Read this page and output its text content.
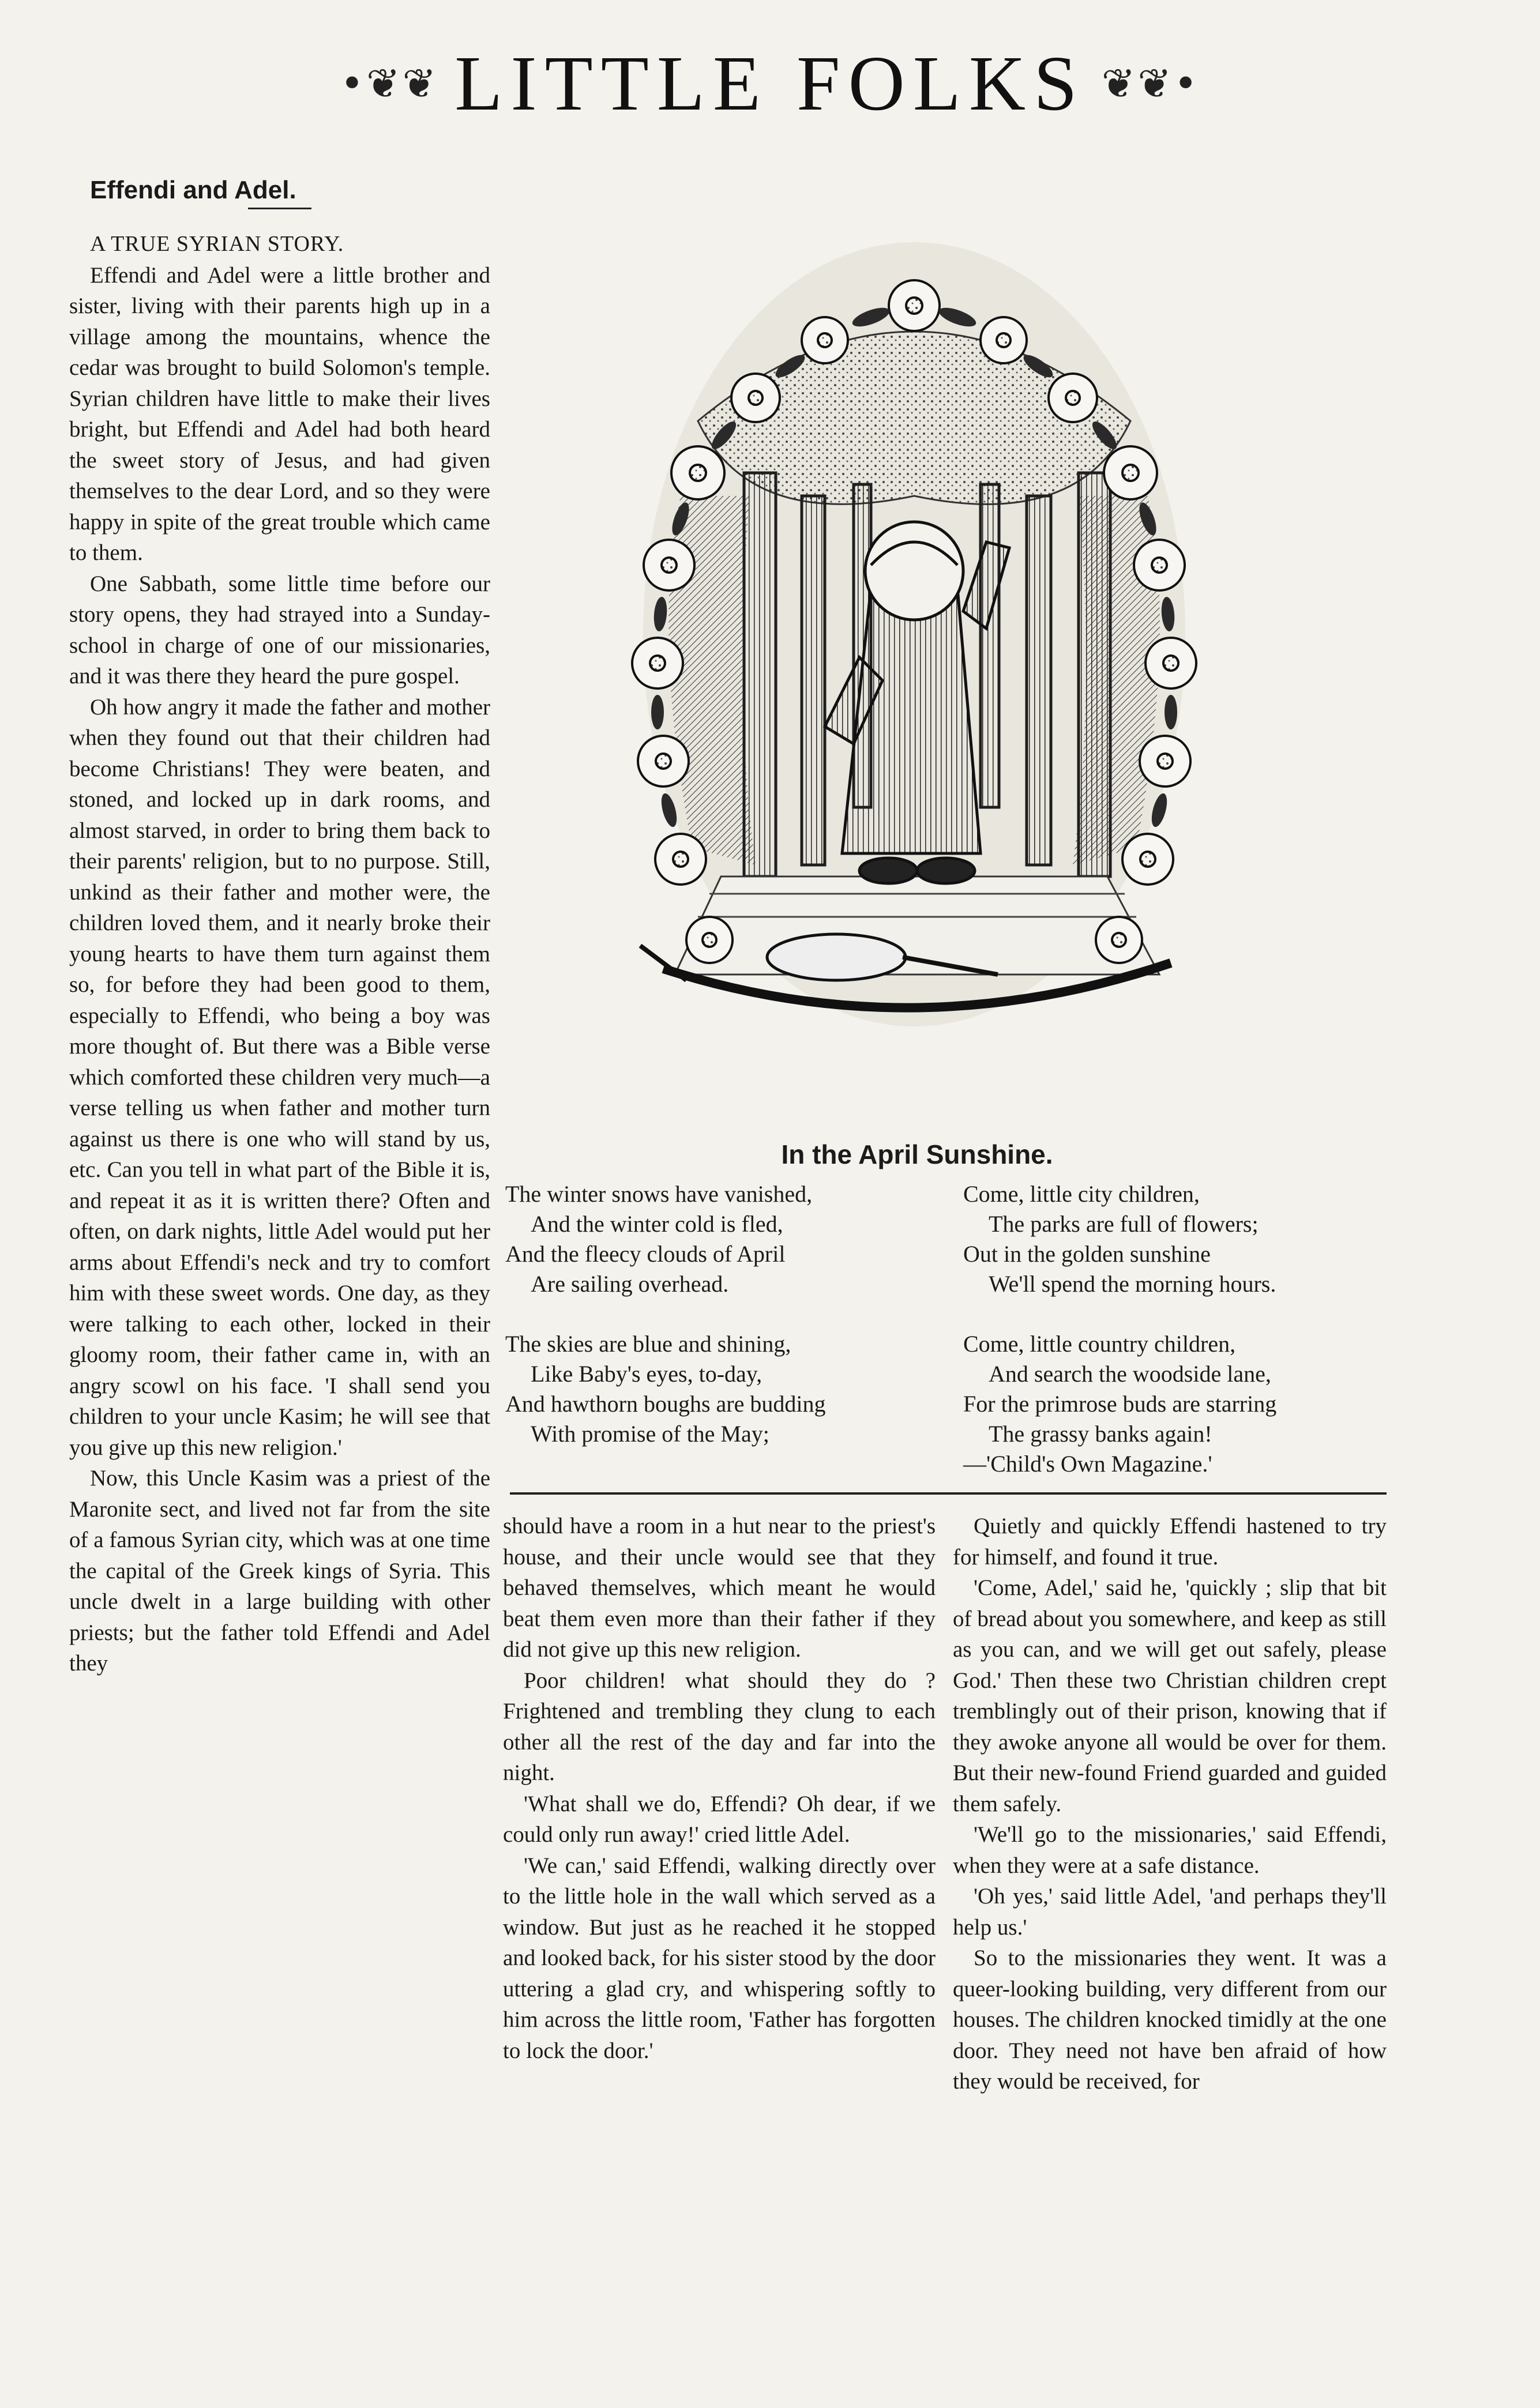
•❦❦ LITTLE FOLKS ❦❦•

Effendi and Adel.

A TRUE SYRIAN STORY.

Effendi and Adel were a little brother and sister, living with their parents high up in a village among the mountains, whence the cedar was brought to build Solomon's temple. Syrian children have little to make their lives bright, but Effendi and Adel had both heard the sweet story of Jesus, and had given themselves to the dear Lord, and so they were happy in spite of the great trouble which came to them.

One Sabbath, some little time before our story opens, they had strayed into a Sunday-school in charge of one of our missionaries, and it was there they heard the pure gospel.

Oh how angry it made the father and mother when they found out that their children had become Christians! They were beaten, and stoned, and locked up in dark rooms, and almost starved, in order to bring them back to their parents' religion, but to no purpose. Still, unkind as their father and mother were, the children loved them, and it nearly broke their young hearts to have them turn against them so, for before they had been good to them, especially to Effendi, who being a boy was more thought of. But there was a Bible verse which comforted these children very much—a verse telling us when father and mother turn against us there is one who will stand by us, etc. Can you tell in what part of the Bible it is, and repeat it as it is written there? Often and often, on dark nights, little Adel would put her arms about Effendi's neck and try to comfort him with these sweet words. One day, as they were talking to each other, locked in their gloomy room, their father came in, with an angry scowl on his face. 'I shall send you children to your uncle Kasim; he will see that you give up this new religion.'

Now, this Uncle Kasim was a priest of the Maronite sect, and lived not far from the site of a famous Syrian city, which was at one time the capital of the Greek kings of Syria. This uncle dwelt in a large building with other priests; but the father told Effendi and Adel they

In the April Sunshine.
The winter snows have vanished,
And the winter cold is fled,
And the fleecy clouds of April
Are sailing overhead.
The skies are blue and shining,
Like Baby's eyes, to-day,
And hawthorn boughs are budding
With promise of the May;
Come, little city children,
The parks are full of flowers;
Out in the golden sunshine
We'll spend the morning hours.
Come, little country children,
And search the woodside lane,
For the primrose buds are starring
The grassy banks again!
—'Child's Own Magazine.'

should have a room in a hut near to the priest's house, and their uncle would see that they behaved themselves, which meant he would beat them even more than their father if they did not give up this new religion.

Poor children! what should they do ? Frightened and trembling they clung to each other all the rest of the day and far into the night.

'What shall we do, Effendi? Oh dear, if we could only run away!' cried little Adel.

'We can,' said Effendi, walking directly over to the little hole in the wall which served as a window. But just as he reached it he stopped and looked back, for his sister stood by the door uttering a glad cry, and whispering softly to him across the little room, 'Father has forgotten to lock the door.'

Quietly and quickly Effendi hastened to try for himself, and found it true.

'Come, Adel,' said he, 'quickly ; slip that bit of bread about you somewhere, and keep as still as you can, and we will get out safely, please God.' Then these two Christian children crept tremblingly out of their prison, knowing that if they awoke anyone all would be over for them. But their new-found Friend guarded and guided them safely.

'We'll go to the missionaries,' said Effendi, when they were at a safe distance.

'Oh yes,' said little Adel, 'and perhaps they'll help us.'

So to the missionaries they went. It was a queer-looking building, very different from our houses. The children knocked timidly at the one door. They need not have ben afraid of how they would be received, for
